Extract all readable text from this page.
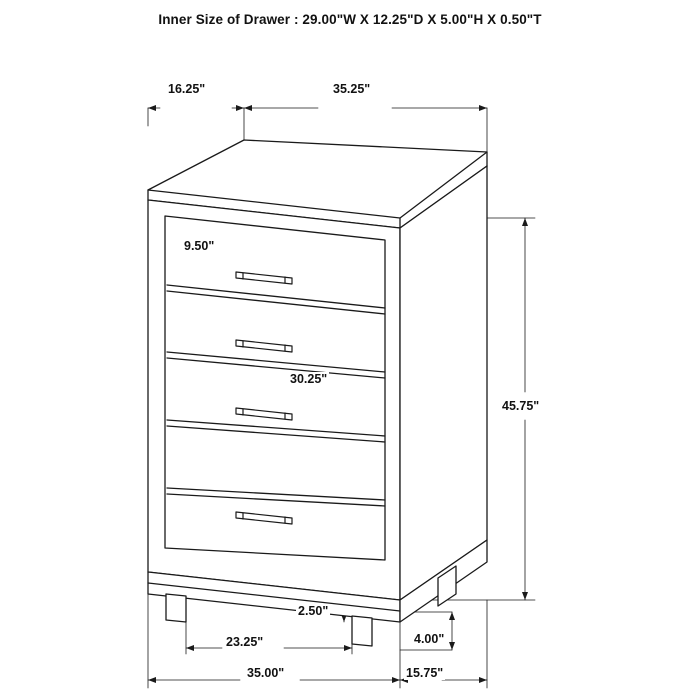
Inner Size of Drawer : 29.00"W X 12.25"D X 5.00"H X 0.50"T
16.25"	35.25"
9.50"
30.25"
45.75"
2.50"
4.00"
23.25"
35.00"	15.75"
